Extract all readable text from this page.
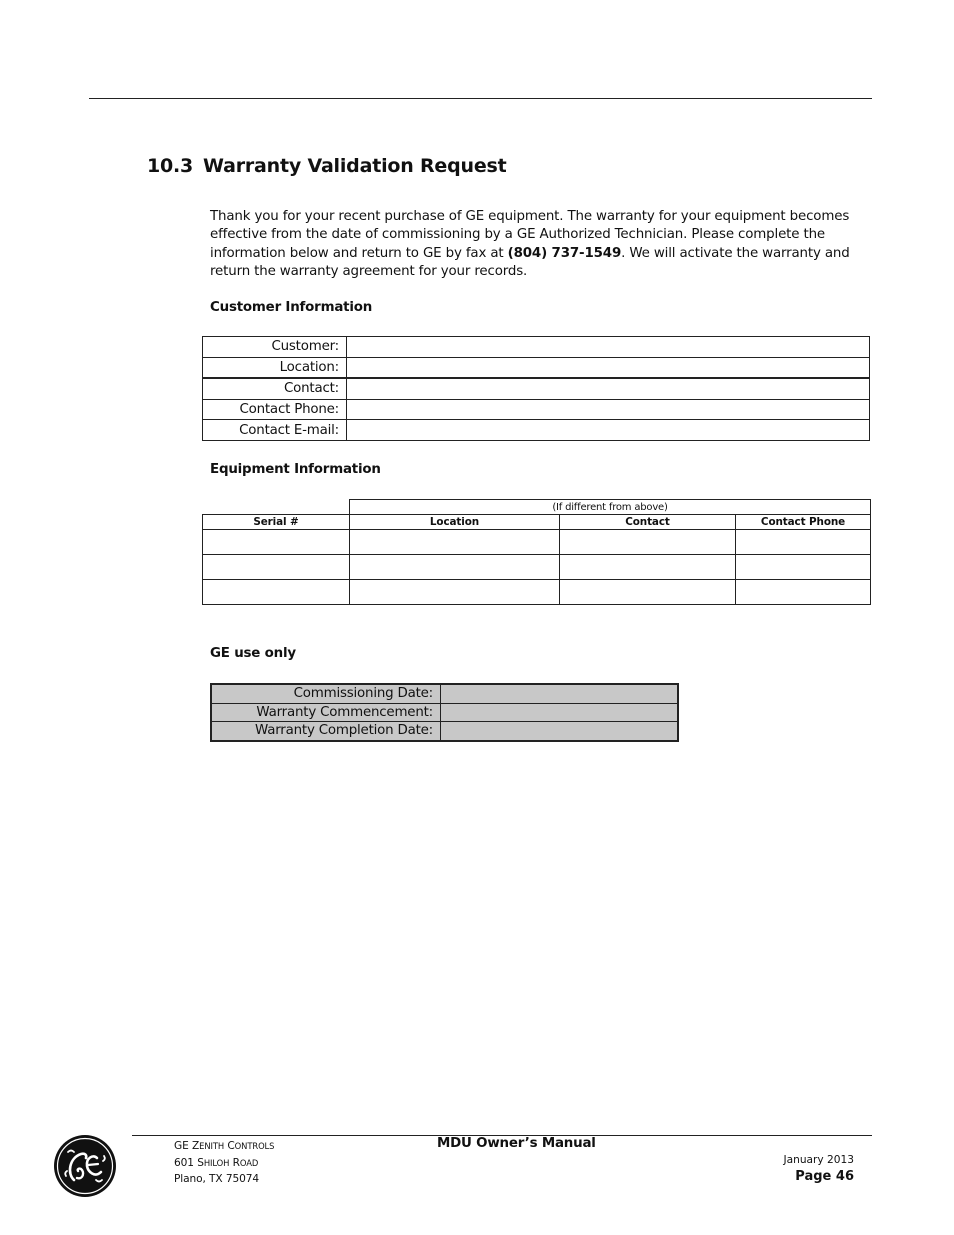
10.3 Warranty Validation Request

Thank you for your recent purchase of GE equipment. The warranty for your equipment becomes effective from the date of commissioning by a GE Authorized Technician. Please complete the information below and return to GE by fax at (804) 737-1549. We will activate the warranty and return the warranty agreement for your records.

Customer Information
Customer:	
Location:	
Contact:	
Contact Phone:	
Contact E-mail:	
Equipment Information
	(If different from above)		
Serial #	Location	Contact	Contact Phone

GE use only
Commissioning Date:	
Warranty Commencement:	
Warranty Completion Date:	
GE ZENITH CONTROLS
601 SHILOH ROAD
Plano, TX 75074
MDU Owner’s Manual
January 2013
Page 46
